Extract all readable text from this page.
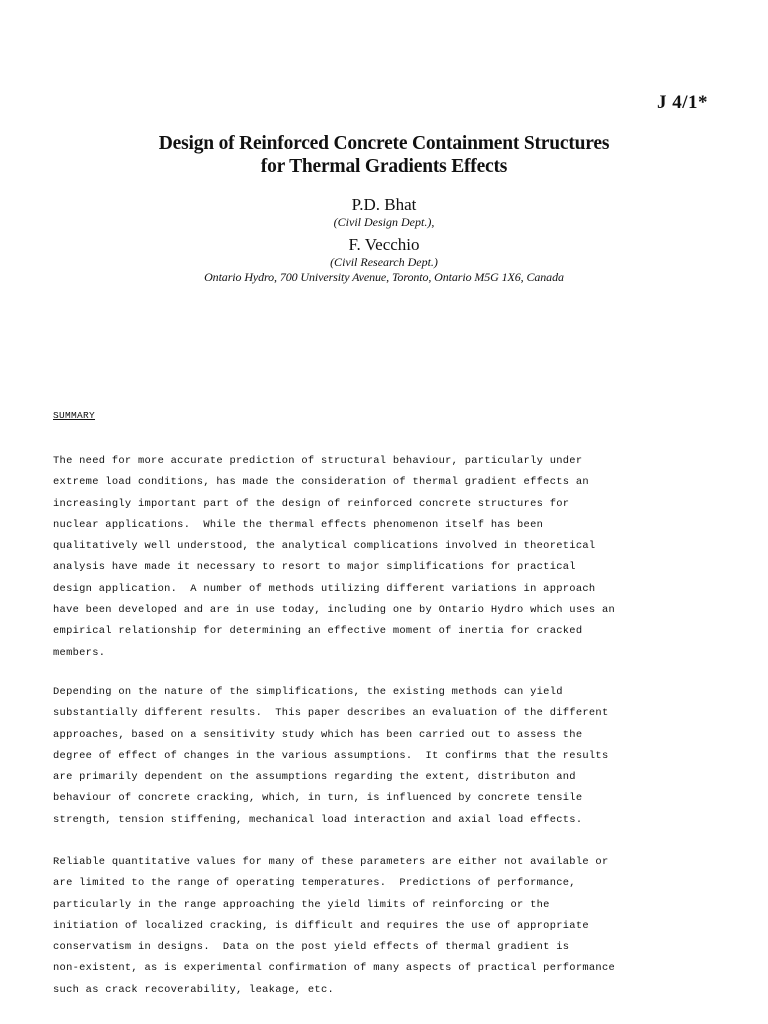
J 4/1*
Design of Reinforced Concrete Containment Structures
for Thermal Gradients Effects
P.D. Bhat
(Civil Design Dept.),
F. Vecchio
(Civil Research Dept.)
Ontario Hydro, 700 University Avenue, Toronto, Ontario M5G 1X6, Canada
SUMMARY
The need for more accurate prediction of structural behaviour, particularly under
extreme load conditions, has made the consideration of thermal gradient effects an
increasingly important part of the design of reinforced concrete structures for
nuclear applications.  While the thermal effects phenomenon itself has been
qualitatively well understood, the analytical complications involved in theoretical
analysis have made it necessary to resort to major simplifications for practical
design application.  A number of methods utilizing different variations in approach
have been developed and are in use today, including one by Ontario Hydro which uses an
empirical relationship for determining an effective moment of inertia for cracked
members.
Depending on the nature of the simplifications, the existing methods can yield
substantially different results.  This paper describes an evaluation of the different
approaches, based on a sensitivity study which has been carried out to assess the
degree of effect of changes in the various assumptions.  It confirms that the results
are primarily dependent on the assumptions regarding the extent, distributon and
behaviour of concrete cracking, which, in turn, is influenced by concrete tensile
strength, tension stiffening, mechanical load interaction and axial load effects.
Reliable quantitative values for many of these parameters are either not available or
are limited to the range of operating temperatures.  Predictions of performance,
particularly in the range approaching the yield limits of reinforcing or the
initiation of localized cracking, is difficult and requires the use of appropriate
conservatism in designs.  Data on the post yield effects of thermal gradient is
non-existent, as is experimental confirmation of many aspects of practical performance
such as crack recoverability, leakage, etc.
